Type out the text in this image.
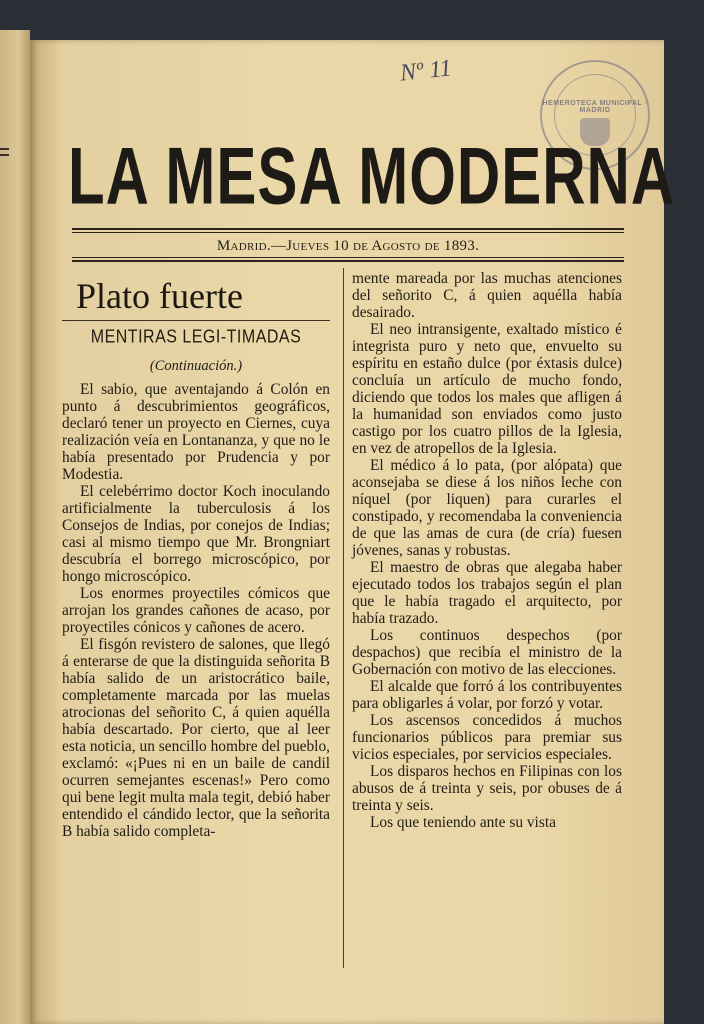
Nº 11
HEMEROTECA MUNICIPAL · MADRID
LA MESA MODERNA
Madrid.—Jueves 10 de Agosto de 1893.
Plato fuerte
MENTIRAS LEGI-TIMADAS
(Continuación.)

El sabio, que aventajando á Colón en punto á descubrimientos geográficos, declaró tener un proyecto en Ciernes, cuya realización veía en Lontananza, y que no le había presentado por Prudencia y por Modestia.

El celebérrimo doctor Koch inoculando artificialmente la tuberculosis á los Consejos de Indias, por conejos de Indias; casi al mismo tiempo que Mr. Brongniart descubría el borrego microscópico, por hongo microscópico.

Los enormes proyectiles cómicos que arrojan los grandes cañones de acaso, por proyectiles cónicos y cañones de acero.

El fisgón revistero de salones, que llegó á enterarse de que la distinguida señorita B había salido de un aristocrático baile, completamente marcada por las muelas atrocionas del señorito C, á quien aquélla había descartado. Por cierto, que al leer esta noticia, un sencillo hombre del pueblo, exclamó: «¡Pues ni en un baile de candil ocurren semejantes escenas!» Pero como qui bene legit multa mala tegit, debió haber entendido el cándido lector, que la señorita B había salido completa-

mente mareada por las muchas atenciones del señorito C, á quien aquélla había desairado.

El neo intransigente, exaltado místico é integrista puro y neto que, envuelto su espíritu en estaño dulce (por éxtasis dulce) concluía un artículo de mucho fondo, diciendo que todos los males que afligen á la humanidad son enviados como justo castigo por los cuatro pillos de la Iglesia, en vez de atropellos de la Iglesia.

El médico á lo pata, (por alópata) que aconsejaba se diese á los niños leche con níquel (por liquen) para curarles el constipado, y recomendaba la conveniencia de que las amas de cura (de cría) fuesen jóvenes, sanas y robustas.

El maestro de obras que alegaba haber ejecutado todos los trabajos según el plan que le había tragado el arquitecto, por había trazado.

Los continuos despechos (por despachos) que recibía el ministro de la Gobernación con motivo de las elecciones.

El alcalde que forró á los contribuyentes para obligarles á volar, por forzó y votar.

Los ascensos concedidos á muchos funcionarios públicos para premiar sus vicios especiales, por servicios especiales.

Los disparos hechos en Filipinas con los abusos de á treinta y seis, por obuses de á treinta y seis.

Los que teniendo ante su vista
